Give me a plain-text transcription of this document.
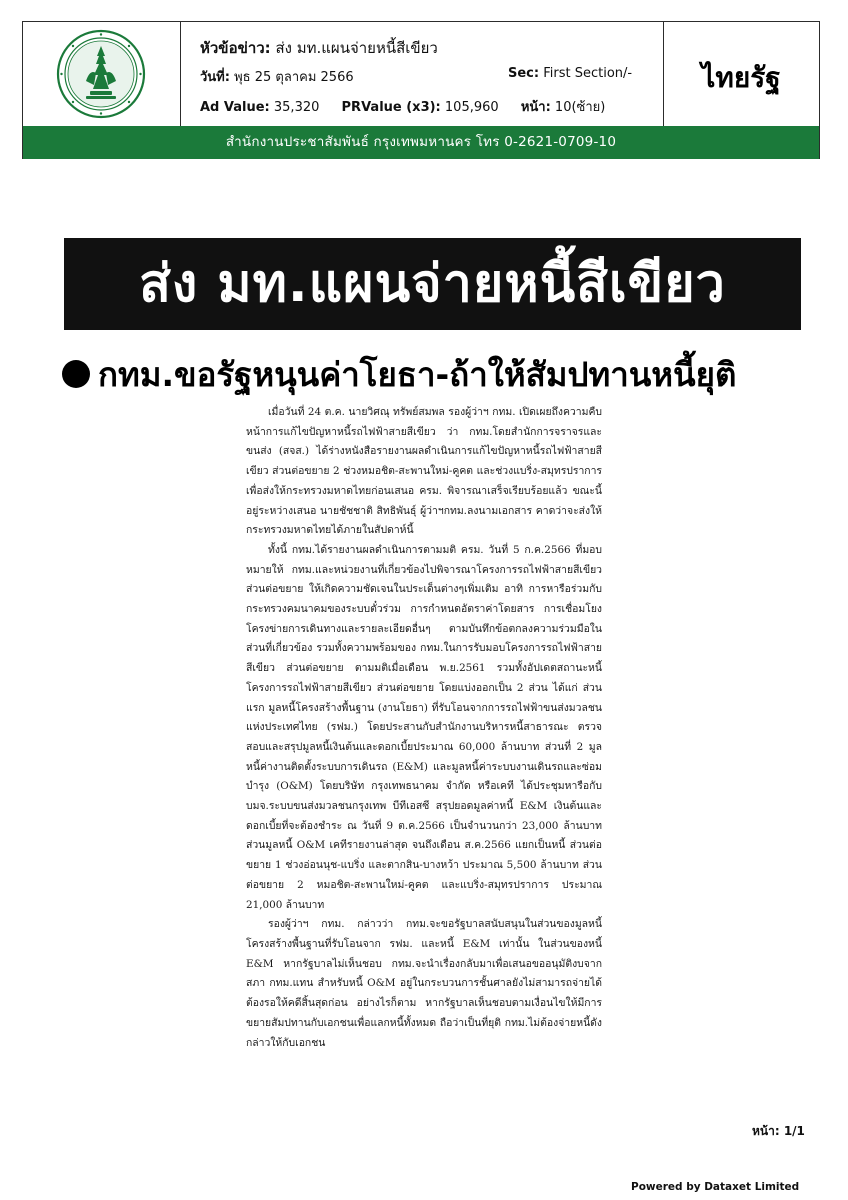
หัวข้อข่าว: ส่ง มท.แผนจ่ายหนี้สีเขียว
วันที่: พุธ 25 ตุลาคม 2566	Sec: First Section/-
Ad Value: 35,320 PRValue (x3): 105,960 หน้า: 10(ซ้าย)
ไทยรัฐ
สำนักงานประชาสัมพันธ์ กรุงเทพมหานคร โทร 0-2621-0709-10
ส่ง มท.แผนจ่ายหนี้สีเขียว
กทม.ขอรัฐหนุนค่าโยธา-ถ้าให้สัมปทานหนี้ยุติ

เมื่อวันที่ 24 ต.ค. นายวิศณุ ทรัพย์สมพล รองผู้ว่าฯ กทม. เปิดเผยถึงความคืบหน้าการแก้ไขปัญหาหนี้รถไฟฟ้าสายสีเขียว ว่า กทม.โดยสำนักการจราจรและขนส่ง (สจส.) ได้ร่างหนังสือรายงานผลดำเนินการแก้ไขปัญหาหนี้รถไฟฟ้าสายสีเขียว ส่วนต่อขยาย 2 ช่วงหมอชิต-สะพานใหม่-คูคต และช่วงแบริ่ง-สมุทรปราการ เพื่อส่งให้กระทรวงมหาดไทยก่อนเสนอ ครม. พิจารณาเสร็จเรียบร้อยแล้ว ขณะนี้อยู่ระหว่างเสนอ นายชัชชาติ สิทธิพันธุ์ ผู้ว่าฯกทม.ลงนามเอกสาร คาดว่าจะส่งให้กระทรวงมหาดไทยได้ภายในสัปดาห์นี้

ทั้งนี้ กทม.ได้รายงานผลดำเนินการตามมติ ครม. วันที่ 5 ก.ค.2566 ที่มอบหมายให้ กทม.และหน่วยงานที่เกี่ยวข้องไปพิจารณาโครงการรถไฟฟ้าสายสีเขียว ส่วนต่อขยาย ให้เกิดความชัดเจนในประเด็นต่างๆเพิ่มเติม อาทิ การหารือร่วมกับกระทรวงคมนาคมของระบบตั๋วร่วม การกำหนดอัตราค่าโดยสาร การเชื่อมโยงโครงข่ายการเดินทางและรายละเอียดอื่นๆ ตามบันทึกข้อตกลงความร่วมมือในส่วนที่เกี่ยวข้อง รวมทั้งความพร้อมของ กทม.ในการรับมอบโครงการรถไฟฟ้าสายสีเขียว ส่วนต่อขยาย ตามมติเมื่อเดือน พ.ย.2561 รวมทั้งอัปเดตสถานะหนี้โครงการรถไฟฟ้าสายสีเขียว ส่วนต่อขยาย โดยแบ่งออกเป็น 2 ส่วน ได้แก่ ส่วนแรก มูลหนี้โครงสร้างพื้นฐาน (งานโยธา) ที่รับโอนจากการรถไฟฟ้าขนส่งมวลชนแห่งประเทศไทย (รฟม.) โดยประสานกับสำนักงานบริหารหนี้สาธารณะ ตรวจสอบและสรุปมูลหนี้เงินต้นและดอกเบี้ยประมาณ 60,000 ล้านบาท ส่วนที่ 2 มูลหนี้ค่างานติดตั้งระบบการเดินรถ (E&M) และมูลหนี้ค่าระบบงานเดินรถและซ่อมบำรุง (O&M) โดยบริษัท กรุงเทพธนาคม จำกัด หรือเคที ได้ประชุมหารือกับ บมจ.ระบบขนส่งมวลชนกรุงเทพ บีทีเอสซี สรุปยอดมูลค่าหนี้ E&M เงินต้นและดอกเบี้ยที่จะต้องชำระ ณ วันที่ 9 ต.ค.2566 เป็นจำนวนกว่า 23,000 ล้านบาท ส่วนมูลหนี้ O&M เคทีรายงานล่าสุด จนถึงเดือน ส.ค.2566 แยกเป็นหนี้ ส่วนต่อขยาย 1 ช่วงอ่อนนุช-แบริ่ง และตากสิน-บางหว้า ประมาณ 5,500 ล้านบาท ส่วนต่อขยาย 2 หมอชิต-สะพานใหม่-คูคต และแบริ่ง-สมุทรปราการ ประมาณ 21,000 ล้านบาท

รองผู้ว่าฯ กทม. กล่าวว่า กทม.จะขอรัฐบาลสนับสนุนในส่วนของมูลหนี้โครงสร้างพื้นฐานที่รับโอนจาก รฟม. และหนี้ E&M เท่านั้น ในส่วนของหนี้ E&M หากรัฐบาลไม่เห็นชอบ กทม.จะนำเรื่องกลับมาเพื่อเสนอขออนุมัติงบจากสภา กทม.แทน สำหรับหนี้ O&M อยู่ในกระบวนการชั้นศาลยังไม่สามารถจ่ายได้ต้องรอให้คดีสิ้นสุดก่อน อย่างไรก็ตาม หากรัฐบาลเห็นชอบตามเงื่อนไขให้มีการขยายสัมปทานกับเอกชนเพื่อแลกหนี้ทั้งหมด ถือว่าเป็นที่ยุติ กทม.ไม่ต้องจ่ายหนี้ดังกล่าวให้กับเอกชน

หน้า: 1/1
Powered by Dataxet Limited
